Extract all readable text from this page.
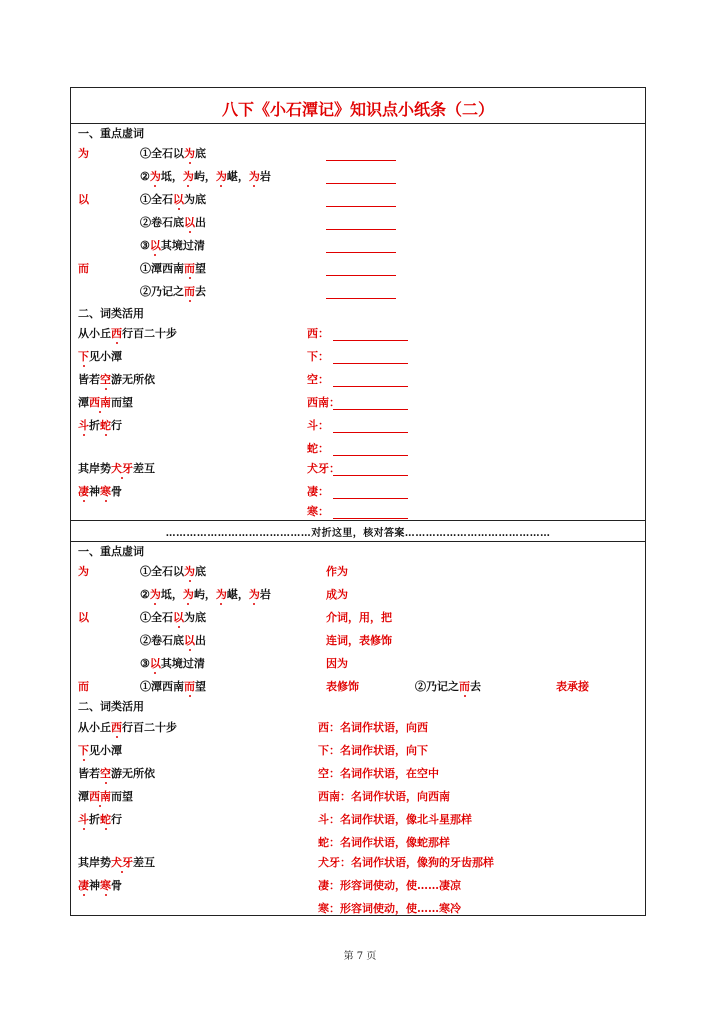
八下《小石潭记》知识点小纸条（二）
一、重点虚词
为	①全石以为底
②为坻，为屿，为嵁，为岩
以	①全石以为底
②卷石底以出
③以其境过清
而	①潭西南而望
②乃记之而去
二、词类活用
从小丘西行百二十步	西：
下见小潭	下：
皆若空游无所依	空：
潭西南而望	西南：
斗折蛇行	斗：
蛇：
其岸势犬牙差互	犬牙：
凄神寒骨	凄：
寒：
……………………………………对折这里，核对答案……………………………………
一、重点虚词
为	①全石以为底	作为
②为坻，为屿，为嵁，为岩	成为
以	①全石以为底	介词，用，把
②卷石底以出	连词，表修饰
③以其境过清	因为
而	①潭西南而望	表修饰	②乃记之而去	表承接
二、词类活用
从小丘西行百二十步	西：名词作状语，向西
下见小潭	下：名词作状语，向下
皆若空游无所依	空：名词作状语，在空中
潭西南而望	西南：名词作状语，向西南
斗折蛇行	斗：名词作状语，像北斗星那样
蛇：名词作状语，像蛇那样
其岸势犬牙差互	犬牙：名词作状语，像狗的牙齿那样
凄神寒骨	凄：形容词使动，使……凄凉
寒：形容词使动，使……寒冷
第 7 页
